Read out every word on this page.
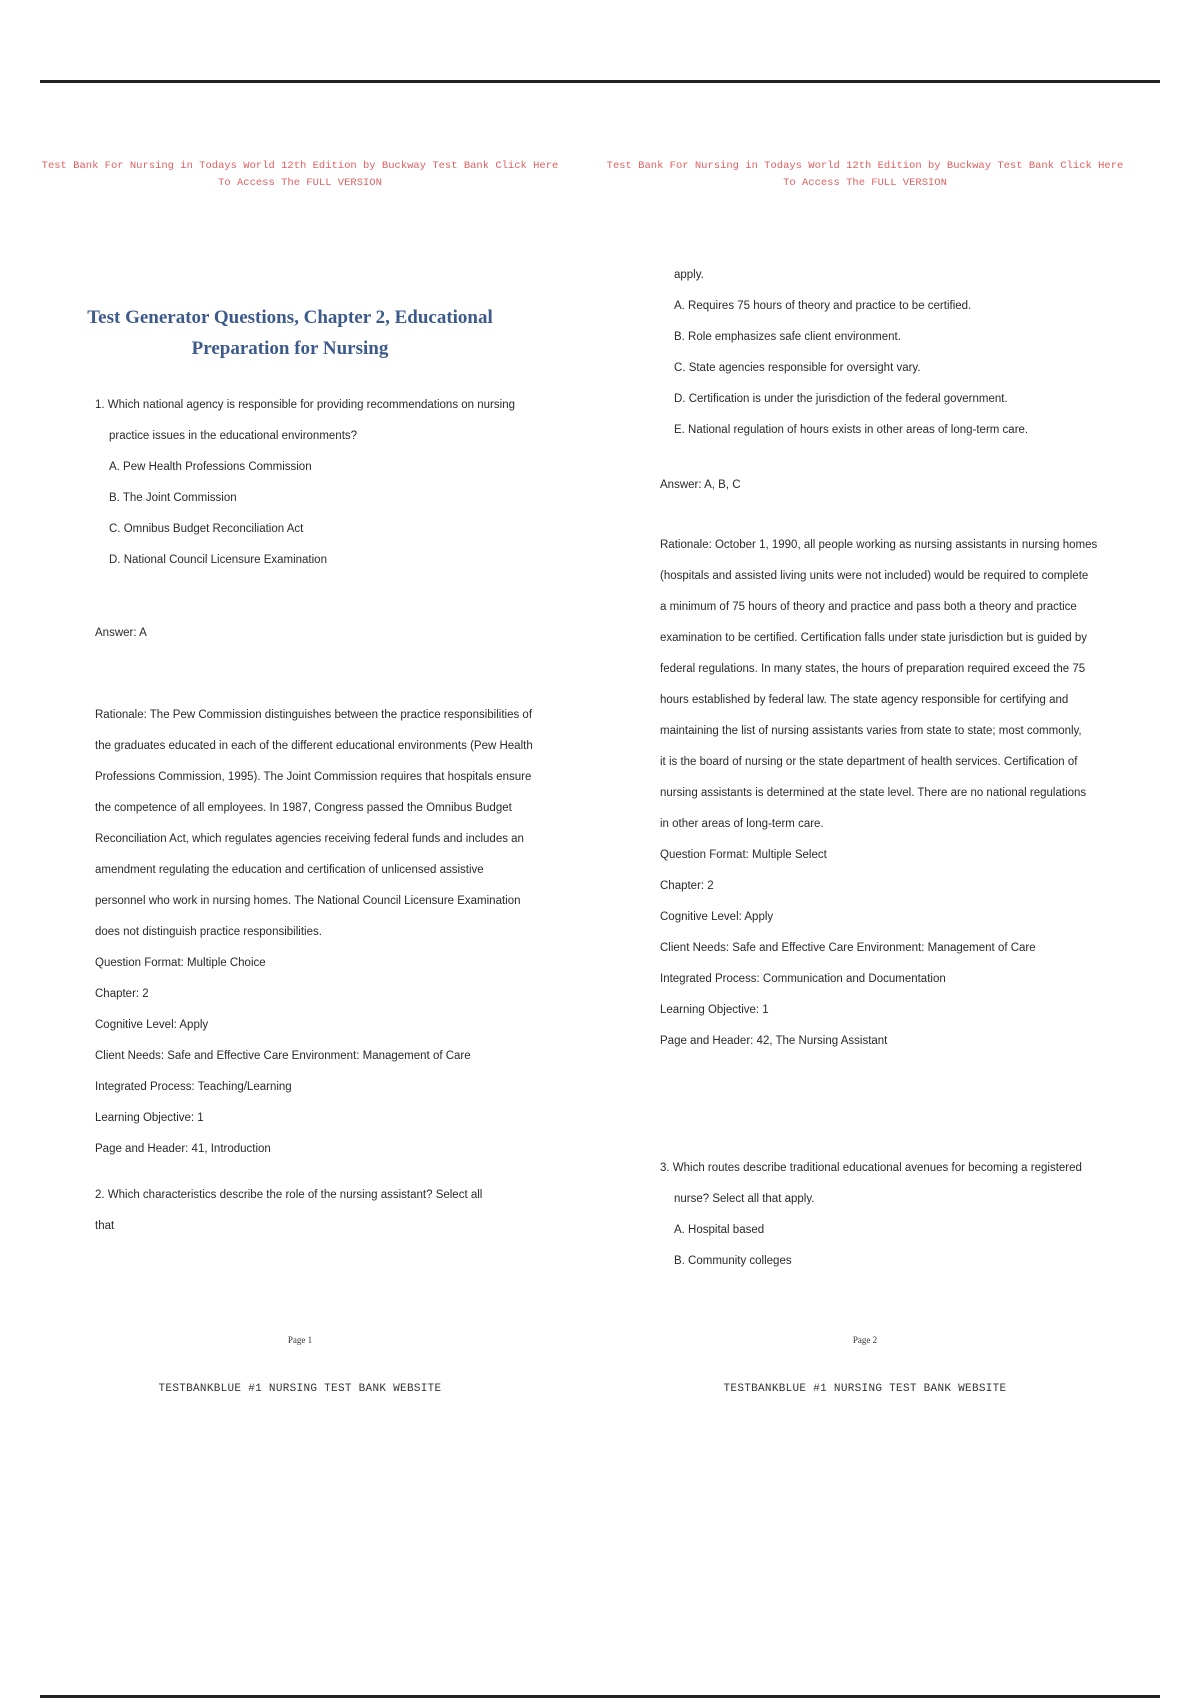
Test Bank For Nursing in Todays World 12th Edition by Buckway Test Bank Click Here To Access The FULL VERSION
Test Generator Questions, Chapter 2, Educational Preparation for Nursing
1. Which national agency is responsible for providing recommendations on nursing
practice issues in the educational environments?
A. Pew Health Professions Commission
B. The Joint Commission
C. Omnibus Budget Reconciliation Act
D. National Council Licensure Examination
Answer: A
Rationale: The Pew Commission distinguishes between the practice responsibilities of
the graduates educated in each of the different educational environments (Pew Health
Professions Commission, 1995). The Joint Commission requires that hospitals ensure
the competence of all employees. In 1987, Congress passed the Omnibus Budget
Reconciliation Act, which regulates agencies receiving federal funds and includes an
amendment regulating the education and certification of unlicensed assistive
personnel who work in nursing homes. The National Council Licensure Examination
does not distinguish practice responsibilities.
Question Format: Multiple Choice
Chapter: 2
Cognitive Level: Apply
Client Needs: Safe and Effective Care Environment: Management of Care
Integrated Process: Teaching/Learning
Learning Objective: 1
Page and Header: 41, Introduction
2. Which characteristics describe the role of the nursing assistant? Select all that
Page 1
TESTBANKBLUE #1 NURSING TEST BANK WEBSITE
Test Bank For Nursing in Todays World 12th Edition by Buckway Test Bank Click Here To Access The FULL VERSION
apply.
A. Requires 75 hours of theory and practice to be certified.
B. Role emphasizes safe client environment.
C. State agencies responsible for oversight vary.
D. Certification is under the jurisdiction of the federal government.
E. National regulation of hours exists in other areas of long-term care.
Answer: A, B, C
Rationale: October 1, 1990, all people working as nursing assistants in nursing homes
(hospitals and assisted living units were not included) would be required to complete
a minimum of 75 hours of theory and practice and pass both a theory and practice
examination to be certified. Certification falls under state jurisdiction but is guided by
federal regulations. In many states, the hours of preparation required exceed the 75
hours established by federal law. The state agency responsible for certifying and
maintaining the list of nursing assistants varies from state to state; most commonly,
it is the board of nursing or the state department of health services. Certification of
nursing assistants is determined at the state level. There are no national regulations
in other areas of long-term care.
Question Format: Multiple Select
Chapter: 2
Cognitive Level: Apply
Client Needs: Safe and Effective Care Environment: Management of Care
Integrated Process: Communication and Documentation
Learning Objective: 1
Page and Header: 42, The Nursing Assistant
3. Which routes describe traditional educational avenues for becoming a registered
nurse? Select all that apply.
A. Hospital based
B. Community colleges
Page 2
TESTBANKBLUE #1 NURSING TEST BANK WEBSITE
